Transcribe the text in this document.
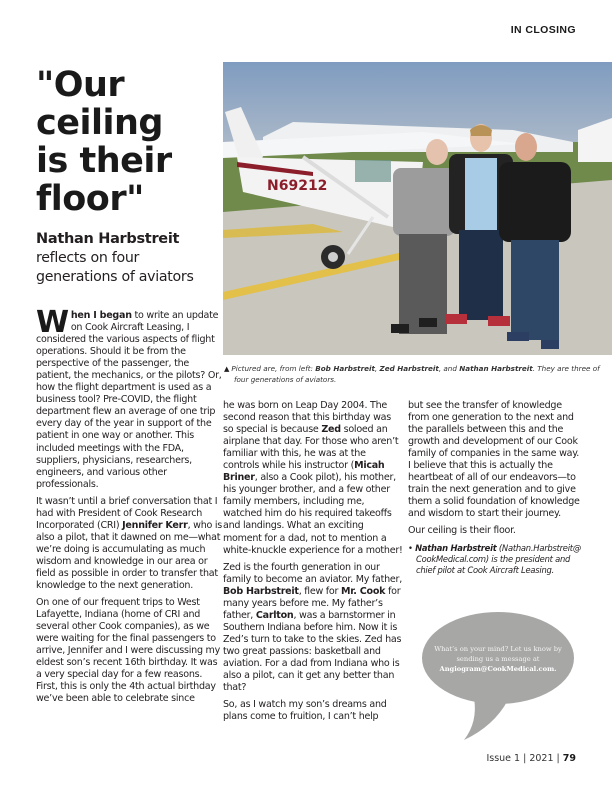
IN CLOSING
"Our
ceiling
is their
floor"
Nathan Harbstreit
reflects on four generations of aviators
N69212

▲ Pictured are, from left: Bob Harbstreit, Zed Harbstreit, and Nathan Harbstreit. They are three of four generations of aviators.

When I began to write an update on Cook Aircraft Leasing, I considered the various aspects of flight operations. Should it be from the perspective of the passenger, the patient, the mechanics, or the pilots? Or, how the flight department is used as a business tool? Pre-COVID, the flight department flew an average of one trip every day of the year in support of the patient in one way or another. This included meetings with the FDA, suppliers, physicians, researchers, engineers, and various other professionals.

It wasn’t until a brief conversation that I had with President of Cook Research Incorporated (CRI) Jennifer Kerr, who is also a pilot, that it dawned on me—what we’re doing is accumulating as much wisdom and knowledge in our area or field as possible in order to transfer that knowledge to the next generation.

On one of our frequent trips to West Lafayette, Indiana (home of CRI and several other Cook companies), as we were waiting for the final passengers to arrive, Jennifer and I were discussing my eldest son’s recent 16th birthday. It was a very special day for a few reasons. First, this is only the 4th actual birthday we’ve been able to celebrate since

he was born on Leap Day 2004. The second reason that this birthday was so special is because Zed soloed an airplane that day. For those who aren’t familiar with this, he was at the controls while his instructor (Micah Briner, also a Cook pilot), his mother, his younger brother, and a few other family members, including me, watched him do his required takeoffs and landings. What an exciting moment for a dad, not to mention a white-knuckle experience for a mother!

Zed is the fourth generation in our family to become an aviator. My father, Bob Harbstreit, flew for Mr. Cook for many years before me. My father’s father, Carlton, was a barnstormer in Southern Indiana before him. Now it is Zed’s turn to take to the skies. Zed has two great passions: basketball and aviation. For a dad from Indiana who is also a pilot, can it get any better than that?

So, as I watch my son’s dreams and plans come to fruition, I can’t help

but see the transfer of knowledge from one generation to the next and the parallels between this and the growth and development of our Cook family of companies in the same way. I believe that this is actually the heartbeat of all of our endeavors—to train the next generation and to give them a solid foundation of knowledge and wisdom to start their journey.

Our ceiling is their floor.

• Nathan Harbstreit (Nathan.Harbstreit@ CookMedical.com) is the president and chief pilot at Cook Aircraft Leasing.

What’s on your mind? Let us know by sending us a message at
Angiogram@CookMedical.com.
Issue 1 | 2021 | 79
